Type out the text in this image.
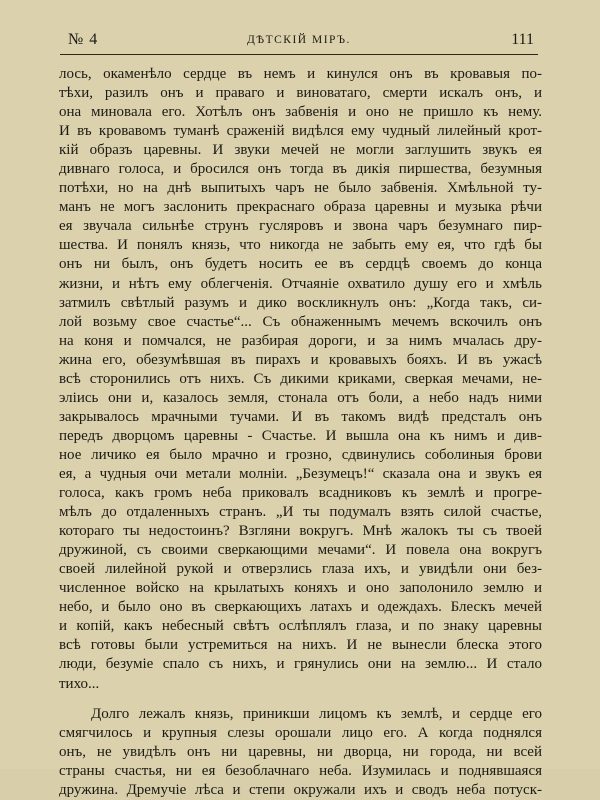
№ 4	ДѢТСКІЙ МІРЪ.	111
лось, окаменѣло сердце въ немъ и кинулся онъ въ кровавыя по-
тѣхи, разилъ онъ и праваго и виноватаго, смерти искалъ онъ, и
она миновала его. Хотѣлъ онъ забвенія и оно не пришло къ нему.
И въ кровавомъ туманѣ сраженій видѣлся ему чудный лилейный крот-
кій образъ царевны. И звуки мечей не могли заглушить звукъ ея
дивнаго голоса, и бросился онъ тогда въ дикія пиршества, безумныя
потѣхи, но на днѣ выпитыхъ чаръ не было забвенія. Хмѣльной ту-
манъ не могъ заслонить прекраснаго образа царевны и музыка рѣчи
ея звучала сильнѣе струнъ гусляровъ и звона чаръ безумнаго пир-
шества. И понялъ князь, что никогда не забыть ему ея, что гдѣ бы
онъ ни былъ, онъ будетъ носить ее въ сердцѣ своемъ до конца
жизни, и нѣтъ ему облегченія. Отчаяніе охватило душу его и хмѣль
затмилъ свѣтлый разумъ и дико воскликнулъ онъ: „Когда такъ, си-
лой возьму свое счастье“... Съ обнаженнымъ мечемъ вскочилъ онъ
на коня и помчался, не разбирая дороги, и за нимъ мчалась дру-
жина его, обезумѣвшая въ пирахъ и кровавыхъ бояхъ. И въ ужасѣ
всѣ сторонились отъ нихъ. Съ дикими криками, сверкая мечами, не-
эліись они и, казалось земля, стонала отъ боли, а небо надъ ними
закрывалось мрачными тучами. И въ такомъ видѣ предсталъ онъ
передъ дворцомъ царевны - Счастье. И вышла она къ нимъ и див-
ное личико ея было мрачно и грозно, сдвинулись соболиныя брови
ея, а чудныя очи метали молніи. „Безумецъ!“ сказала она и звукъ ея
голоса, какъ громъ неба приковалъ всадниковъ къ землѣ и прогре-
мѣлъ до отдаленныхъ странъ. „И ты подумалъ взять силой счастье,
котораго ты недостоинъ? Взгляни вокругъ. Мнѣ жалокъ ты съ твоей
дружиной, съ своими сверкающими мечами“. И повела она вокругъ
своей лилейной рукой и отверзлись глаза ихъ, и увидѣли они без-
численное войско на крылатыхъ коняхъ и оно заполонило землю и
небо, и было оно въ сверкающихъ латахъ и одеждахъ. Блескъ мечей
и копій, какъ небесный свѣтъ ослѣплялъ глаза, и по знаку царевны
всѣ готовы были устремиться на нихъ. И не вынесли блеска этого
люди, безуміе спало съ нихъ, и грянулись они на землю... И стало
тихо...
Долго лежалъ князь, приникши лицомъ къ землѣ, и сердце его
смягчилось и крупныя слезы орошали лицо его. А когда поднялся
онъ, не увидѣлъ онъ ни царевны, ни дворца, ни города, ни всей
страны счастья, ни ея безоблачнаго неба. Изумилась и поднявшаяся
дружина. Дремучіе лѣса и степи окружали ихъ и сводъ неба потуск-
